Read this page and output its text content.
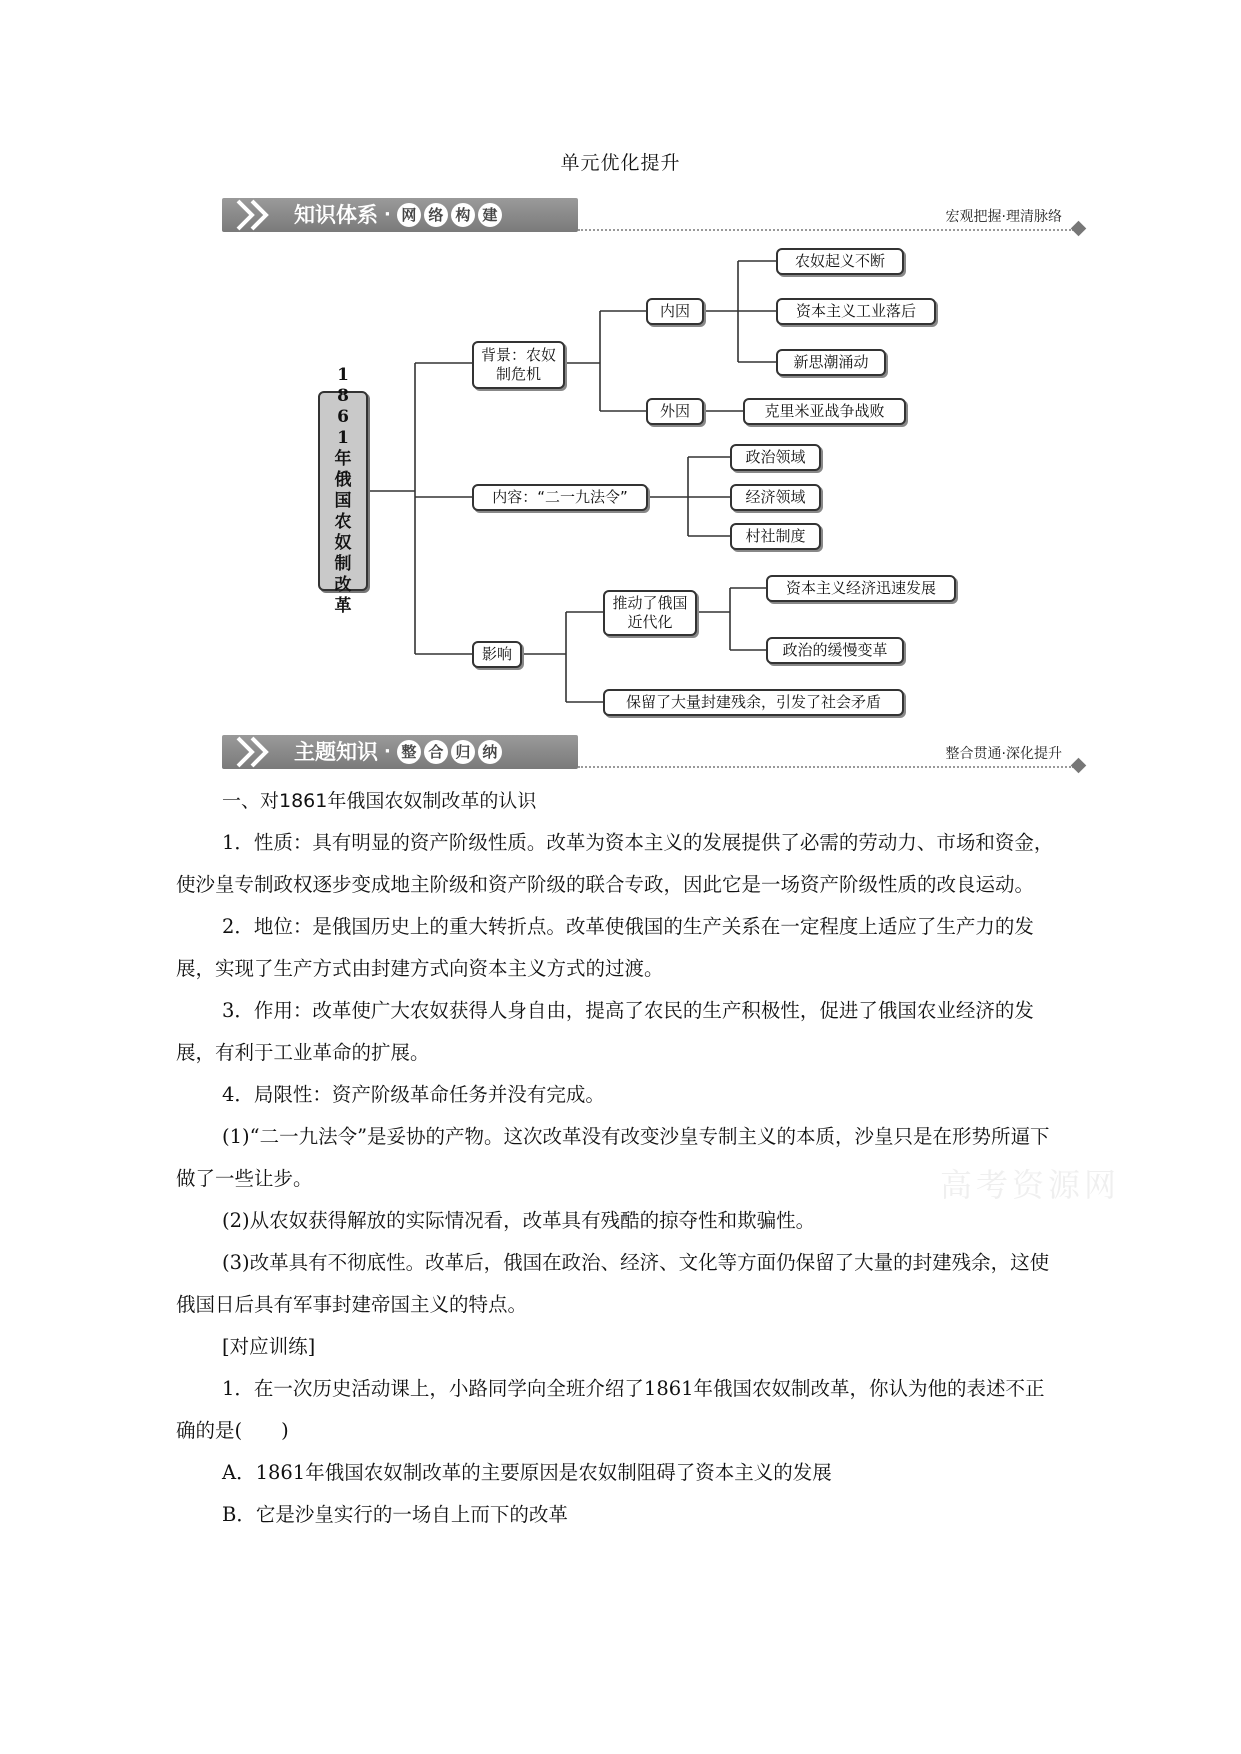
单元优化提升
知识体系 · 网 络 构 建	宏观把握·理清脉络
1861年俄国农奴制改革
背景：农奴制危机
内因
农奴起义不断
资本主义工业落后
新思潮涌动
外因	克里米亚战争战败
内容：“二一九法令”
政治领域
经济领域
村社制度
影响
推动了俄国近代化
资本主义经济迅速发展
政治的缓慢变革
保留了大量封建残余，引发了社会矛盾
主题知识 · 整 合 归 纳	整合贯通·深化提升

一、对1861年俄国农奴制改革的认识

1．性质：具有明显的资产阶级性质。改革为资本主义的发展提供了必需的劳动力、市场和资金，使沙皇专制政权逐步变成地主阶级和资产阶级的联合专政，因此它是一场资产阶级性质的改良运动。

2．地位：是俄国历史上的重大转折点。改革使俄国的生产关系在一定程度上适应了生产力的发展，实现了生产方式由封建方式向资本主义方式的过渡。

3．作用：改革使广大农奴获得人身自由，提高了农民的生产积极性，促进了俄国农业经济的发展，有利于工业革命的扩展。

4．局限性：资产阶级革命任务并没有完成。

(1)“二一九法令”是妥协的产物。这次改革没有改变沙皇专制主义的本质，沙皇只是在形势所逼下做了一些让步。

(2)从农奴获得解放的实际情况看，改革具有残酷的掠夺性和欺骗性。

(3)改革具有不彻底性。改革后，俄国在政治、经济、文化等方面仍保留了大量的封建残余，这使俄国日后具有军事封建帝国主义的特点。

[对应训练]

1．在一次历史活动课上，小路同学向全班介绍了1861年俄国农奴制改革，你认为他的表述不正确的是(　　)

A．1861年俄国农奴制改革的主要原因是农奴制阻碍了资本主义的发展

B．它是沙皇实行的一场自上而下的改革

高考资源网
